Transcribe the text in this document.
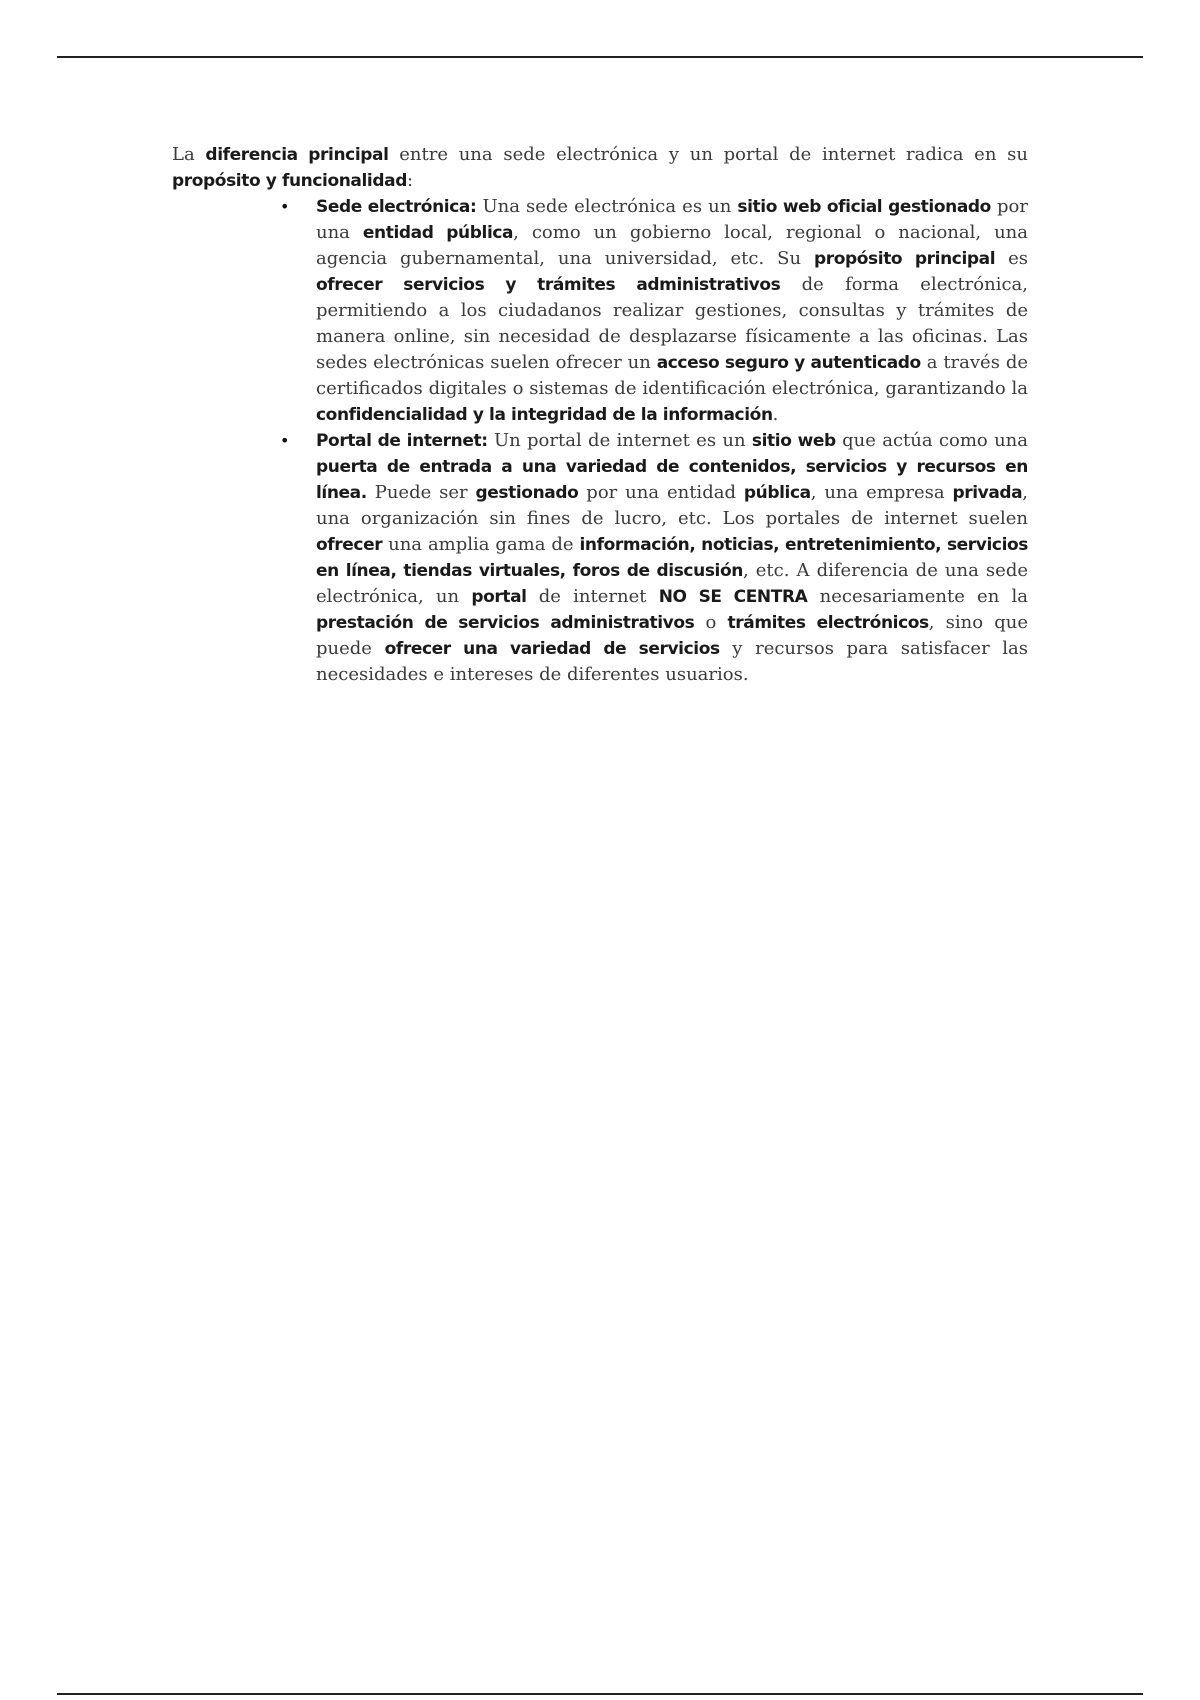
La diferencia principal entre una sede electrónica y un portal de internet radica en su propósito y funcionalidad:

• Sede electrónica: Una sede electrónica es un sitio web oficial gestionado por una entidad pública, como un gobierno local, regional o nacional, una agencia gubernamental, una universidad, etc. Su propósito principal es ofrecer servicios y trámites administrativos de forma electrónica, permitiendo a los ciudadanos realizar gestiones, consultas y trámites de manera online, sin necesidad de desplazarse físicamente a las oficinas. Las sedes electrónicas suelen ofrecer un acceso seguro y autenticado a través de certificados digitales o sistemas de identificación electrónica, garantizando la confidencialidad y la integridad de la información.
• Portal de internet: Un portal de internet es un sitio web que actúa como una puerta de entrada a una variedad de contenidos, servicios y recursos en línea. Puede ser gestionado por una entidad pública, una empresa privada, una organización sin fines de lucro, etc. Los portales de internet suelen ofrecer una amplia gama de información, noticias, entretenimiento, servicios en línea, tiendas virtuales, foros de discusión, etc. A diferencia de una sede electrónica, un portal de internet NO SE CENTRA necesariamente en la prestación de servicios administrativos o trámites electrónicos, sino que puede ofrecer una variedad de servicios y recursos para satisfacer las necesidades e intereses de diferentes usuarios.
